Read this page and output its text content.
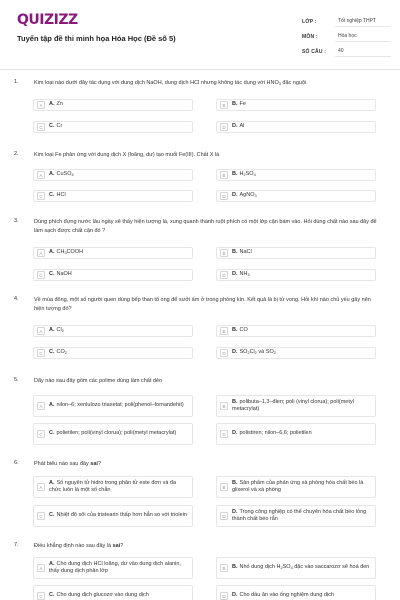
QUIZIZZ
Tuyển tập đề thi minh họa Hóa Học (Đề số 5)
LỚP :	Tốt nghiệp THPT
MÔN :	Hóa học
SỐ CÂU :	40
1.	Kim loại nào dưới đây tác dụng với dung dịch NaOH, dung dịch HCl nhưng không tác dụng với $HNO_3$ đặc nguội
A	A. Zn	B	B. Fe
C	C. Cr	D	D. Al
2.	Kim loại Fe phản ứng với dung dịch X (loãng, dư) tạo muối Fe(III). Chất X là
A	A. CuSO$_4$	B	B. $H_2SO_4$
C	C. HCl	D	D. AgNO$_3$
3.	Dùng phích đựng nước lâu ngày sẽ thấy hiện tượng là, xung quanh thành ruột phích có một lớp cặn bám vào. Hỏi dùng chất nào sau đây để làm sạch được chất cặn đó ?
A	A. $CH_3COOH$	B	B. NaCl
C	C. NaOH	D	D. $NH_3$
4.	Về mùa đông, một số người quen dùng bếp than tổ ong để sưởi ấm ở trong phòng kín. Kết quả là bị tử vong. Hỏi khí nào chủ yếu gây nên hiện tượng đó?
A	A. $Cl_2$	B	B. CO
C	C. $CO_2$	D	D. $SO_2Cl_2$ và $SO_2$
5.	Dãy nào sau đây gồm các polime dùng làm chất dẻo
A	A. nilon–6; xenlulozo triaxetat; poli(phenol–fomandehit)	B
B. polibuta–1,3–đien; poli (vinyl clorua); poli(metyl metacrylat)
C	C. polietilen; poli(vinyl clorua); poli(metyl metacrylat)	D	D. polistiren; nilon–6,6; polietilen
6.	Phát biểu nào sau đây sai?
A
A. Số nguyên tử hidro trong phân tử este đơn và đa chức luôn là một số chẵn	B
B. Sản phẩm của phản ứng xà phòng hóa chất béo là glixerol và xà phòng
C	C. Nhiệt độ sôi của tristearin thấp hơn hẳn so với triolein	D
D. Trong công nghiệp có thể chuyển hóa chất béo lỏng thành chất béo rắn
7.	Điều khẳng định nào sau đây là sai?
A
A. Cho dung dịch HCl loãng, dư vào dung dịch alanin, thấy dung dịch phân lớp	B	B. Nhỏ dung dịch $H_2SO_4$ đặc vào saccarozơ sẽ hoá đen
C	C. Cho dung dịch glucozơ vào dung dịch	D	D. Cho dầu ăn vào ống nghiệm dung dịch
